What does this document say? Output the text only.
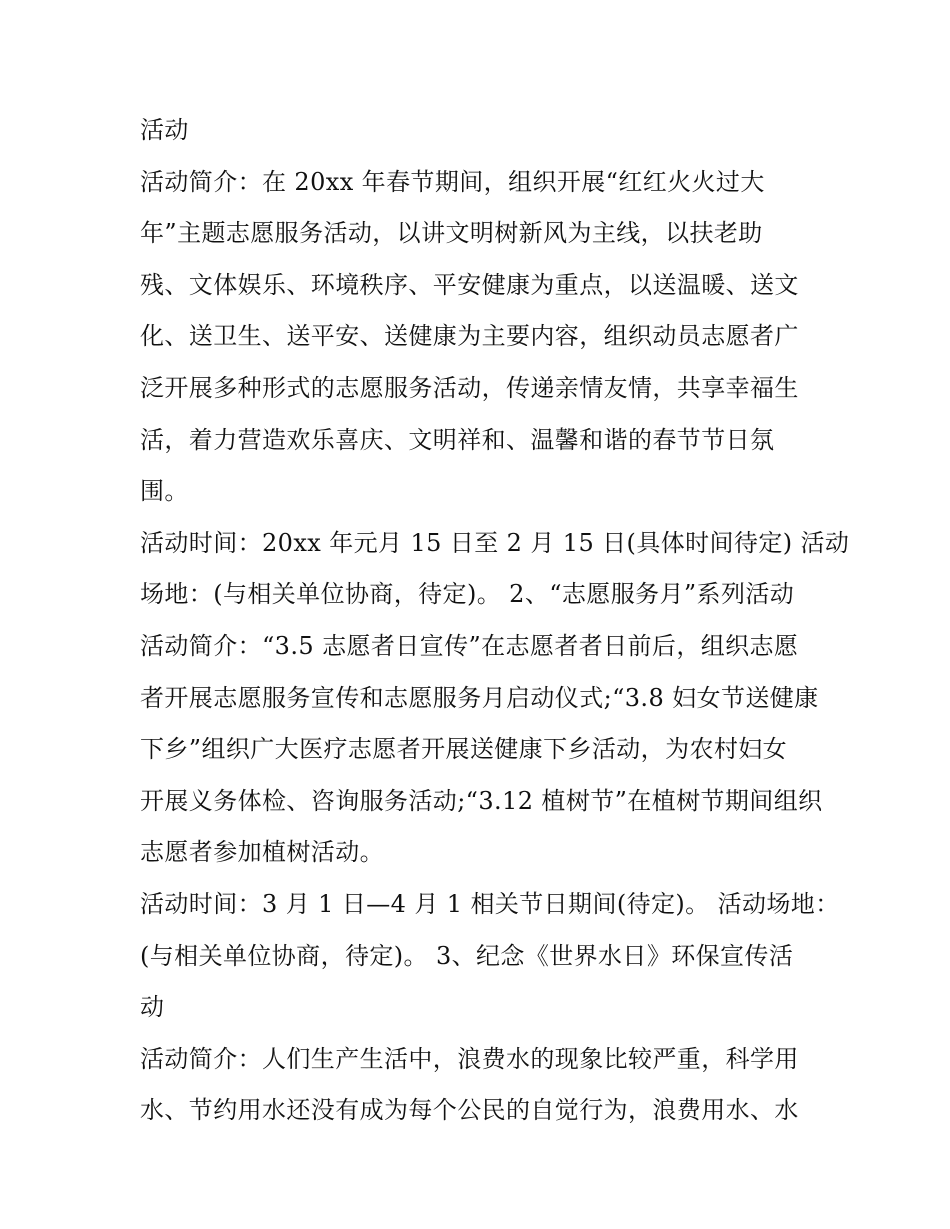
活动
活动简介：在 20xx 年春节期间，组织开展“红红火火过大
年”主题志愿服务活动，以讲文明树新风为主线，以扶老助
残、文体娱乐、环境秩序、平安健康为重点，以送温暖、送文
化、送卫生、送平安、送健康为主要内容，组织动员志愿者广
泛开展多种形式的志愿服务活动，传递亲情友情，共享幸福生
活，着力营造欢乐喜庆、文明祥和、温馨和谐的春节节日氛
围。
活动时间：20xx 年元月 15 日至 2 月 15 日(具体时间待定) 活动
场地：(与相关单位协商，待定)。 2、“志愿服务月”系列活动
活动简介：“3.5 志愿者日宣传”在志愿者者日前后，组织志愿
者开展志愿服务宣传和志愿服务月启动仪式;“3.8 妇女节送健康
下乡”组织广大医疗志愿者开展送健康下乡活动，为农村妇女
开展义务体检、咨询服务活动;“3.12 植树节”在植树节期间组织
志愿者参加植树活动。
活动时间：3 月 1 日—4 月 1 相关节日期间(待定)。 活动场地：
(与相关单位协商，待定)。 3、纪念《世界水日》环保宣传活
动
活动简介：人们生产生活中，浪费水的现象比较严重，科学用
水、节约用水还没有成为每个公民的自觉行为，浪费用水、水
